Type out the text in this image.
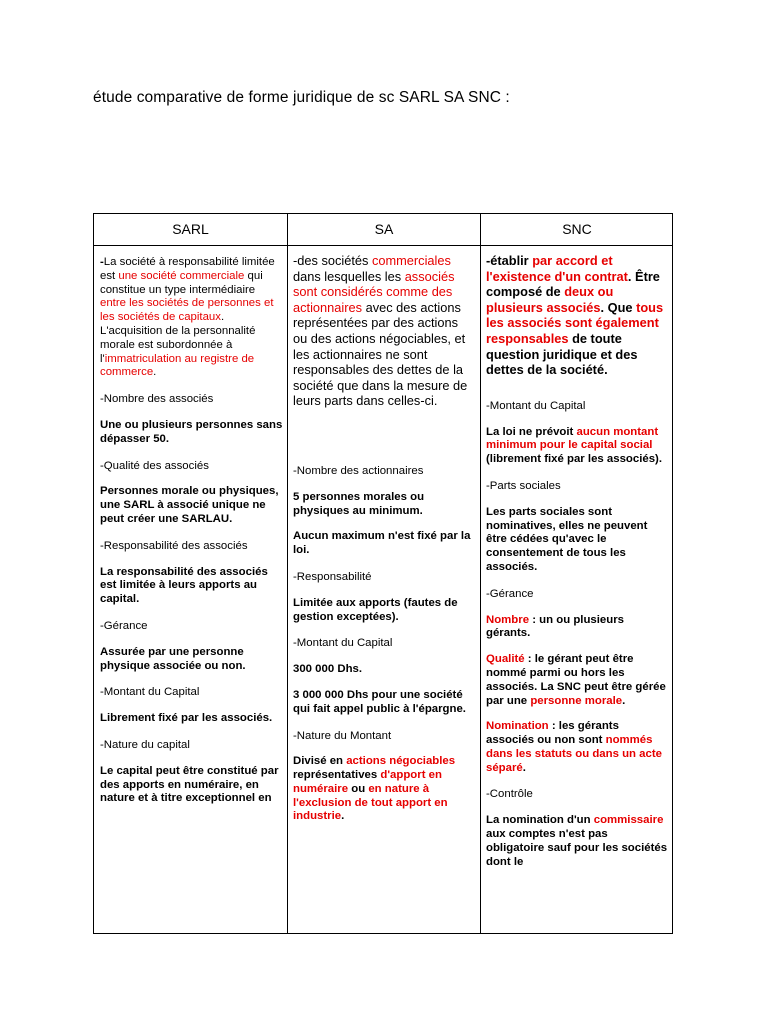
étude comparative de forme juridique de sc SARL SA SNC :
SARL	SA	SNC

-La société à responsabilité limitée est une société commerciale qui constitue un type intermédiaire entre les sociétés de personnes et les sociétés de capitaux. L'acquisition de la personnalité morale est subordonnée à l'immatriculation au registre de commerce.

-Nombre des associés

Une ou plusieurs personnes sans dépasser 50.

-Qualité des associés

Personnes morale ou physiques, une SARL à associé unique ne peut créer une SARLAU.

-Responsabilité des associés

La responsabilité des associés est limitée à leurs apports au capital.

-Gérance

Assurée par une personne physique associée ou non.

-Montant du Capital

Librement fixé par les associés.

-Nature du capital

Le capital peut être constitué par des apports en numéraire, en nature et à titre exceptionnel en

-des sociétés commerciales dans lesquelles les associés sont considérés comme des actionnaires avec des actions représentées par des actions ou des actions négociables, et les actionnaires ne sont responsables des dettes de la société que dans la mesure de leurs parts dans celles-ci.

-Nombre des actionnaires

5 personnes morales ou physiques au minimum.

Aucun maximum n'est fixé par la loi.

-Responsabilité

Limitée aux apports (fautes de gestion exceptées).

-Montant du Capital

300 000 Dhs.

3 000 000 Dhs pour une société qui fait appel public à l'épargne.

-Nature du Montant

Divisé en actions négociables représentatives d'apport en numéraire ou en nature à l'exclusion de tout apport en industrie.

-établir par accord et l'existence d'un contrat. Être composé de deux ou plusieurs associés. Que tous les associés sont également responsables de toute question juridique et des dettes de la société.

-Montant du Capital

La loi ne prévoit aucun montant minimum pour le capital social (librement fixé par les associés).

-Parts sociales

Les parts sociales sont nominatives, elles ne peuvent être cédées qu'avec le consentement de tous les associés.

-Gérance

Nombre : un ou plusieurs gérants.

Qualité : le gérant peut être nommé parmi ou hors les associés. La SNC peut être gérée par une personne morale.

Nomination : les gérants associés ou non sont nommés dans les statuts ou dans un acte séparé.

-Contrôle

La nomination d'un commissaire aux comptes n'est pas obligatoire sauf pour les sociétés dont le
